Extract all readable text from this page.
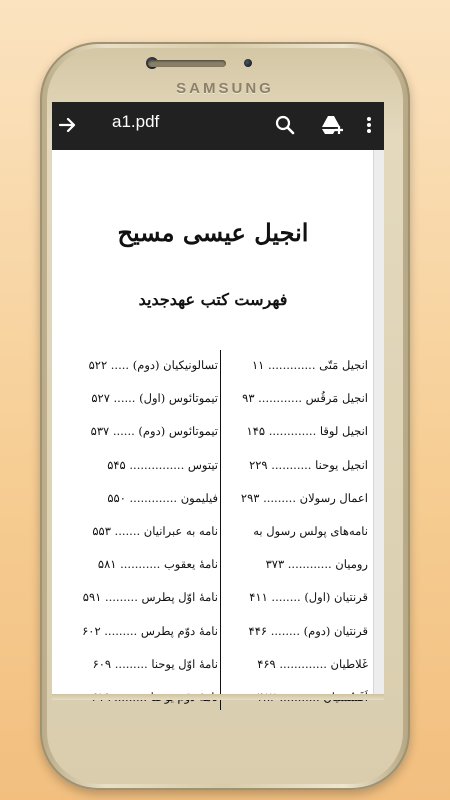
SAMSUNG
a1.pdf
انجیل عیسی مسیح
فهرست کتب عهدجدید
انجیل مَتّی ............. ۱۱
انجیل مَرقُس ............ ۹۳
انجیل لوقا ............. ۱۴۵
انجیل یوحنا ........... ۲۲۹
اعمال رسولان ......... ۲۹۳
نامه‌های پولس رسول به
رومیان ............ ۳۷۳
قرنتیان (اول) ........ ۴۱۱
قرنتیان (دوم) ........ ۴۴۶
غَلاطیان ............. ۴۶۹
تسالونیکیان (دوم) ..... ۵۲۲
تیموتائوس (اول) ...... ۵۲۷
تیموتائوس (دوم) ...... ۵۳۷
تیتوس ............... ۵۴۵
فیلیمون ............. ۵۵۰
نامه به عبرانیان ....... ۵۵۳
نامهٔ یعقوب ........... ۵۸۱
نامهٔ اوّل پطرس ......... ۵۹۱
نامهٔ دوّم پطرس ......... ۶۰۲
نامهٔ اوّل یوحنا ......... ۶۰۹
